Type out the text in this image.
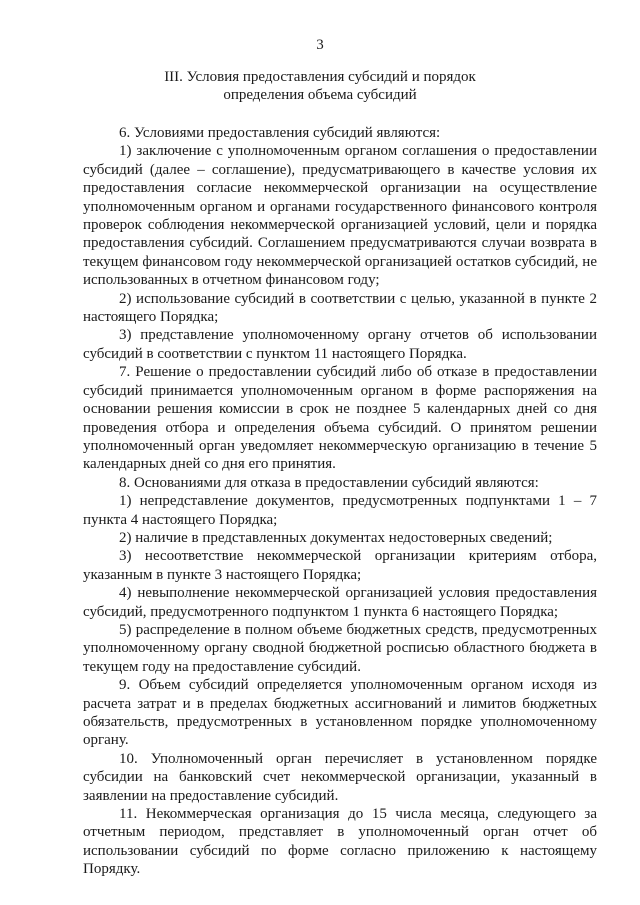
3
III. Условия предоставления субсидий и порядок
определения объема субсидий

6. Условиями предоставления субсидий являются:

1) заключение с уполномоченным органом соглашения о предоставлении субсидий (далее – соглашение), предусматривающего в качестве условия их предоставления согласие некоммерческой организации на осуществление уполномоченным органом и органами государственного финансового контроля проверок соблюдения некоммерческой организацией условий, цели и порядка предоставления субсидий. Соглашением предусматриваются случаи возврата в текущем финансовом году некоммерческой организацией остатков субсидий, не использованных в отчетном финансовом году;

2) использование субсидий в соответствии с целью, указанной в пункте 2 настоящего Порядка;

3) представление уполномоченному органу отчетов об использовании субсидий в соответствии с пунктом 11 настоящего Порядка.

7. Решение о предоставлении субсидий либо об отказе в предоставлении субсидий принимается уполномоченным органом в форме распоряжения на основании решения комиссии в срок не позднее 5 календарных дней со дня проведения отбора и определения объема субсидий. О принятом решении уполномоченный орган уведомляет некоммерческую организацию в течение 5 календарных дней со дня его принятия.

8. Основаниями для отказа в предоставлении субсидий являются:

1) непредставление документов, предусмотренных подпунктами 1 – 7 пункта 4 настоящего Порядка;

2) наличие в представленных документах недостоверных сведений;

3) несоответствие некоммерческой организации критериям отбора, указанным в пункте 3 настоящего Порядка;

4) невыполнение некоммерческой организацией условия предоставления субсидий, предусмотренного подпунктом 1 пункта 6 настоящего Порядка;

5) распределение в полном объеме бюджетных средств, предусмотренных уполномоченному органу сводной бюджетной росписью областного бюджета в текущем году на предоставление субсидий.

9. Объем субсидий определяется уполномоченным органом исходя из расчета затрат и в пределах бюджетных ассигнований и лимитов бюджетных обязательств, предусмотренных в установленном порядке уполномоченному органу.

10. Уполномоченный орган перечисляет в установленном порядке субсидии на банковский счет некоммерческой организации, указанный в заявлении на предоставление субсидий.

11. Некоммерческая организация до 15 числа месяца, следующего за отчетным периодом, представляет в уполномоченный орган отчет об использовании субсидий по форме согласно приложению к настоящему Порядку.
